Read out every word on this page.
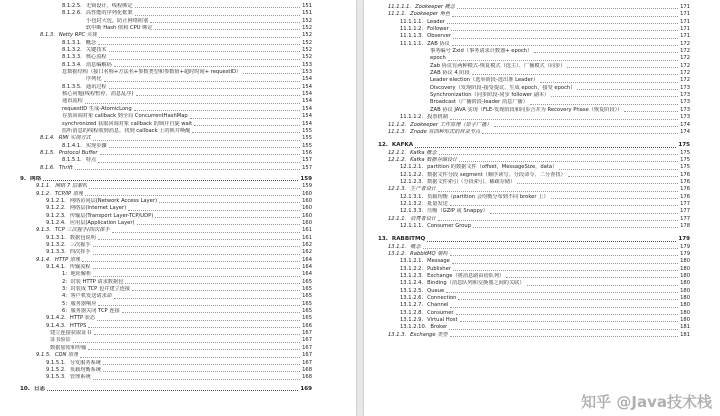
8.1.2.5. 无锁设计、线程绑定	151
8.1.2.6. 高性能的序列化框架	151
小包封大包，防止网络阻塞	152
软中断 Hash 值和 CPU 绑定	152
8.1.3. Netty RPC 实现	152
8.1.3.1. 概念	152
8.1.3.2. 关键技术	152
8.1.3.3. 核心流程	152
8.1.3.4. 消息编解码	153
息数据结构（接口名称+方法名+参数类型和参数值+超时时间+ requestID）	153
序列化	154
8.1.3.5. 通讯过程	154
核心问题(线程暂停、消息乱序)	154
通讯流程	154
requestID 生成-AtomicLong	154
存放回调对象 callback 到全局 ConcurrentHashMap	154
synchronized 获取回调对象 callback 的锁并自旋 wait	154
监听消息的线程收到消息，找到 callback 上的锁并唤醒	155
8.1.4. RMI 实现方式	155
8.1.4.1. 实现步骤	155
8.1.5. Protocol Buffer	156
8.1.5.1. 特点	157
8.1.6. Thrift	157
9. 网络	159
9.1.1. 网络 7 层架构	159
9.1.2. TCP/IP 原理	160
9.1.2.1. 网络访问层(Network Access Layer)	160
9.1.2.2. 网络层(Internet Layer)	160
9.1.2.3. 传输层(Transport Layer-TCP/UDP)	160
9.1.2.4. 应用层(Application Layer)	160
9.1.3. TCP 三次握手/四次挥手	161
9.1.3.1. 数据包说明	161
9.1.3.2. 三次握手	162
9.1.3.3. 四次挥手	162
9.1.4. HTTP 原理	164
9.1.4.1. 传输流程	164
1：地址解析	164
2：封装 HTTP 请求数据包	165
3：封装成 TCP 包并建立连接	165
4：客户机发送请求命	165
5：服务器响应	165
6：服务器关闭 TCP 连接	165
9.1.4.2. HTTP 状态	165
9.1.4.3. HTTPS	166
建立连接获取证书	167
证书验证	167
数据加密和传输	167
9.1.5. CDN 原理	167
9.1.5.1. 分发服务系统	167
9.1.5.2. 负载均衡系统	168
9.1.5.3. 管理系统	168
10. 日志	169
11.1.1.1. Zookeeper 概念	171
11.1.1. Zookeeper 角色	171
11.1.1.1. Leader	171
11.1.1.2. Follower	171
11.1.1.3. Observer	171
11.1.1.1. ZAB 协议	172
事务编号 Zxid（事务请求计数器+ epoch）	172
epoch	172
Zab 协议有两种模式-恢复模式（选主）、广播模式（同步）	172
ZAB 协议 4 阶段	172
Leader election（选举阶段-选出准 Leader）	172
Discovery（发现阶段-接受提议、生成 epoch、接受 epoch）	173
Synchronization（同步阶段-同步 follower 副本）	173
Broadcast（广播阶段-leader 消息广播）	173
ZAB 协议 JAVA 实现（FLE-发现阶段和同步合并为 Recovery Phase（恢复阶段））	173
11.1.1.2. 投票机制	173
11.1.2. Zookeeper 工作原理（原子广播）	174
11.1.3. Znode 有四种形式的目录节点	174
12. KAFKA	175
12.1.1. Kafka 概念	175
12.1.2. Kafka 数据存储设计	175
12.1.2.1. partition 的数据文件（offset，MessageSize，data）	175
12.1.2.2. 数据文件分段 segment（顺序读写、分段命令、二分查找）	176
12.1.2.3. 数据文件索引（分段索引、稀疏存储）	176
12.1.3. 生产者设计	176
12.1.3.1. 负载均衡（partition 会均衡分布到不同 broker 上）	176
12.1.3.2. 批量发送	177
12.1.3.3. 压缩（GZIP 或 Snappy）	177
12.1.1. 消费者设计	177
12.1.1.1. Consumer Group	178
13. RABBITMQ	179
13.1.1. 概念	179
13.1.2. RabbitMQ 架构	179
13.1.2.1. Message	180
13.1.2.2. Publisher	180
13.1.2.3. Exchange（将消息路由给队列）	180
13.1.2.4. Binding（消息队列和交换器之间的关联）	180
13.1.2.5. Queue	180
13.1.2.6. Connection	180
13.1.2.7. Channel	180
13.1.2.8. Consumer	180
13.1.2.9. Virtual Host	180
13.1.2.10. Broker	181
13.1.3. Exchange 类型	181
知乎 @Java技术栈
